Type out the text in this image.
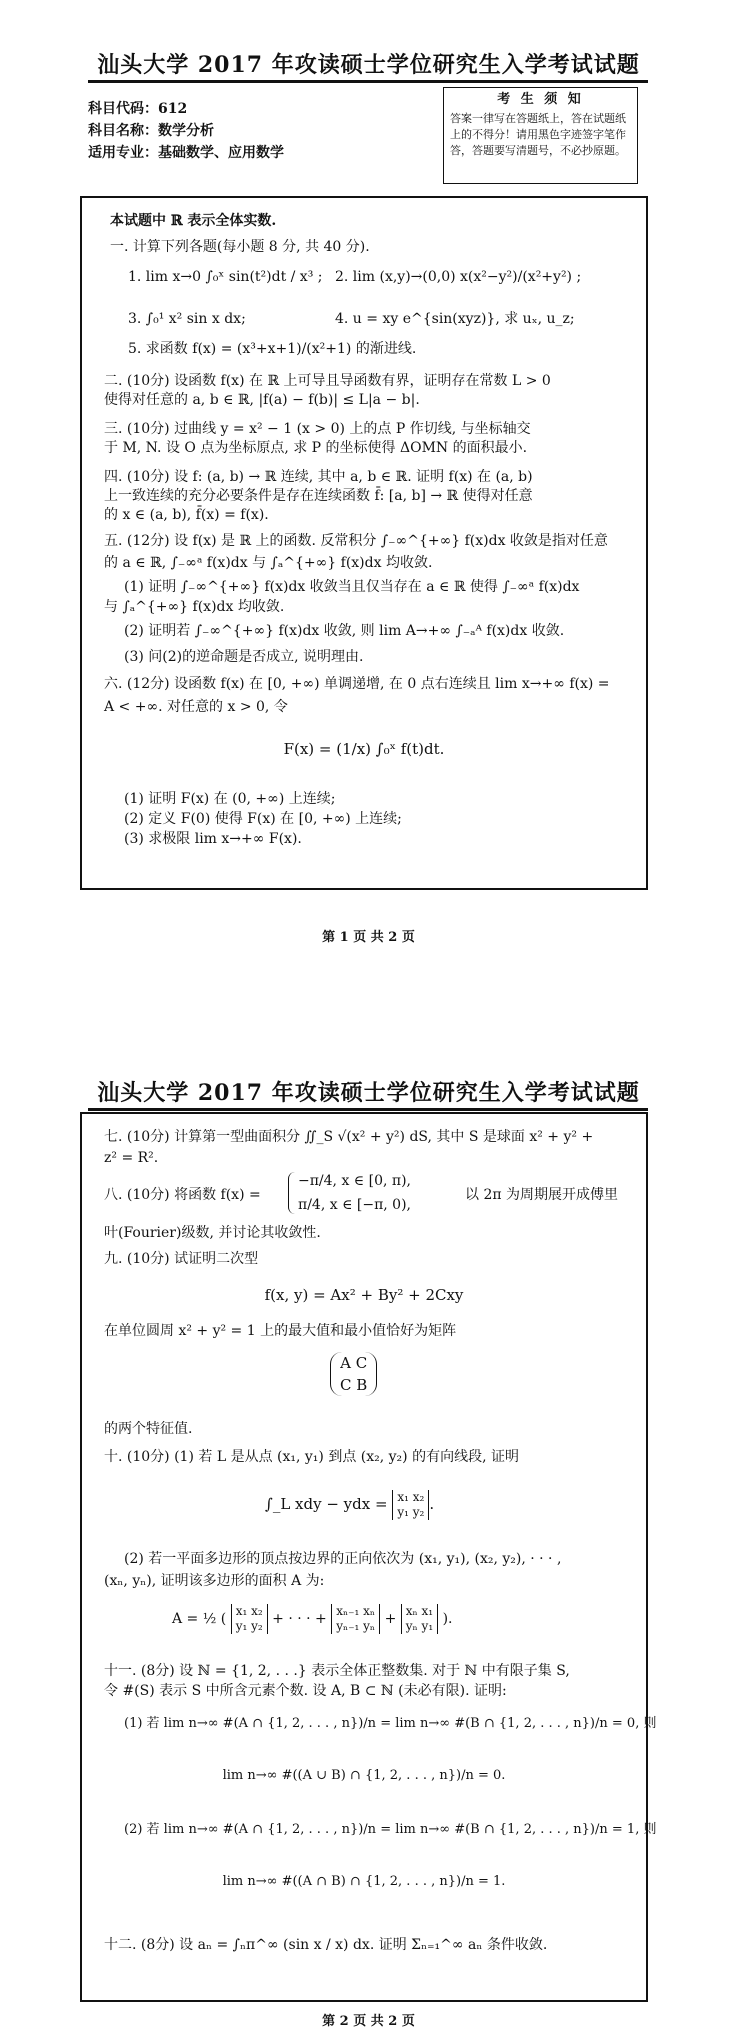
汕头大学 2017 年攻读硕士学位研究生入学考试试题
科目代码：612
科目名称：数学分析
适用专业：基础数学、应用数学
考 生 须 知
答案一律写在答题纸上，答在试题纸上的不得分！请用黑色字迹签字笔作答，答题要写清题号，不必抄原题。
本试题中 ℝ 表示全体实数.
一. 计算下列各题(每小题 8 分, 共 40 分).
1. lim x→0 ∫₀ˣ sin(t²)dt / x³ ; 2. lim (x,y)→(0,0) x(x²−y²)/(x²+y²) ;
3. ∫₀¹ x² sin x dx;	4. u = xy e^{sin(xyz)}, 求 uₓ, u_z;
5. 求函数 f(x) = (x³+x+1)/(x²+1) 的渐进线.
二. (10分) 设函数 f(x) 在 ℝ 上可导且导函数有界，证明存在常数 L > 0
使得对任意的 a, b ∈ ℝ, |f(a) − f(b)| ≤ L|a − b|.
三. (10分) 过曲线 y = x² − 1 (x > 0) 上的点 P 作切线, 与坐标轴交
于 M, N. 设 O 点为坐标原点, 求 P 的坐标使得 ΔOMN 的面积最小.
四. (10分) 设 f: (a, b) → ℝ 连续, 其中 a, b ∈ ℝ. 证明 f(x) 在 (a, b)
上一致连续的充分必要条件是存在连续函数 f̄: [a, b] → ℝ 使得对任意
的 x ∈ (a, b), f̄(x) = f(x).
五. (12分) 设 f(x) 是 ℝ 上的函数. 反常积分 ∫₋∞^{+∞} f(x)dx 收敛是指对任意
的 a ∈ ℝ, ∫₋∞ᵃ f(x)dx 与 ∫ₐ^{+∞} f(x)dx 均收敛.
(1) 证明 ∫₋∞^{+∞} f(x)dx 收敛当且仅当存在 a ∈ ℝ 使得 ∫₋∞ᵃ f(x)dx
与 ∫ₐ^{+∞} f(x)dx 均收敛.
(2) 证明若 ∫₋∞^{+∞} f(x)dx 收敛, 则 lim A→+∞ ∫₋ₐᴬ f(x)dx 收敛.
(3) 问(2)的逆命题是否成立, 说明理由.
六. (12分) 设函数 f(x) 在 [0, +∞) 单调递增, 在 0 点右连续且 lim x→+∞ f(x) =
A < +∞. 对任意的 x > 0, 令
F(x) = (1/x) ∫₀ˣ f(t)dt.
(1) 证明 F(x) 在 (0, +∞) 上连续;
(2) 定义 F(0) 使得 F(x) 在 [0, +∞) 上连续;
(3) 求极限 lim x→+∞ F(x).
第 1 页 共 2 页
汕头大学 2017 年攻读硕士学位研究生入学考试试题
七. (10分) 计算第一型曲面积分 ∬_S √(x² + y²) dS, 其中 S 是球面 x² + y² +
z² = R².
八. (10分) 将函数 f(x) =
−π/4, x ∈ [0, π),
π/4, x ∈ [−π, 0),
以 2π 为周期展开成傅里
叶(Fourier)级数, 并讨论其收敛性.
九. (10分) 试证明二次型
f(x, y) = Ax² + By² + 2Cxy
在单位圆周 x² + y² = 1 上的最大值和最小值恰好为矩阵
A C
C B
的两个特征值.
十. (10分) (1) 若 L 是从点 (x₁, y₁) 到点 (x₂, y₂) 的有向线段, 证明
∫_L xdy − ydx = x₁ x₂
y₁ y₂ .
(2) 若一平面多边形的顶点按边界的正向依次为 (x₁, y₁), (x₂, y₂), · · · ,
(xₙ, yₙ), 证明该多边形的面积 A 为:
A = ½ ( x₁ x₂
y₁ y₂ + · · · + xₙ₋₁ xₙ
yₙ₋₁ yₙ + xₙ x₁
yₙ y₁ ).
十一. (8分) 设 ℕ = {1, 2, . . .} 表示全体正整数集. 对于 ℕ 中有限子集 S,
令 #(S) 表示 S 中所含元素个数. 设 A, B ⊂ ℕ (未必有限). 证明:
(1) 若 lim n→∞ #(A ∩ {1, 2, . . . , n})/n = lim n→∞ #(B ∩ {1, 2, . . . , n})/n = 0, 则
lim n→∞ #((A ∪ B) ∩ {1, 2, . . . , n})/n = 0.
(2) 若 lim n→∞ #(A ∩ {1, 2, . . . , n})/n = lim n→∞ #(B ∩ {1, 2, . . . , n})/n = 1, 则
lim n→∞ #((A ∩ B) ∩ {1, 2, . . . , n})/n = 1.
十二. (8分) 设 aₙ = ∫ₙπ^∞ (sin x / x) dx. 证明 Σₙ₌₁^∞ aₙ 条件收敛.
第 2 页 共 2 页
